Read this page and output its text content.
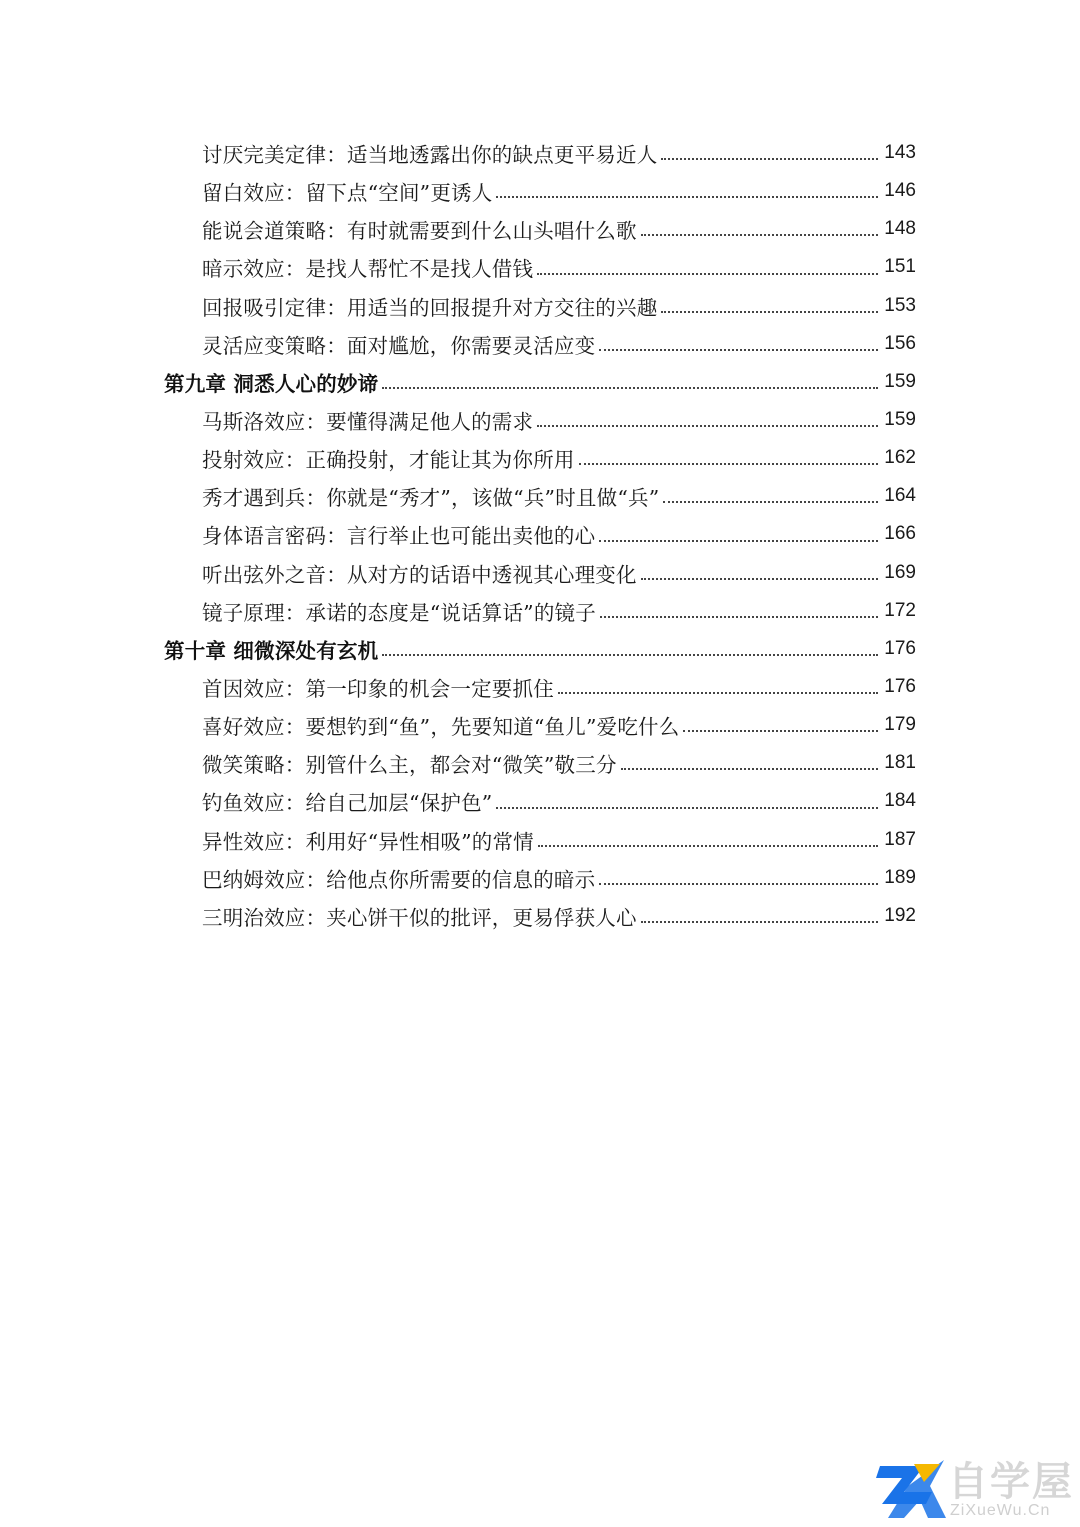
讨厌完美定律：适当地透露出你的缺点更平易近人	143
留白效应：留下点“空间”更诱人	146
能说会道策略：有时就需要到什么山头唱什么歌	148
暗示效应：是找人帮忙不是找人借钱	151
回报吸引定律：用适当的回报提升对方交往的兴趣	153
灵活应变策略：面对尴尬，你需要灵活应变	156
第九章 洞悉人心的妙谛	159
马斯洛效应：要懂得满足他人的需求	159
投射效应：正确投射，才能让其为你所用	162
秀才遇到兵：你就是“秀才”，该做“兵”时且做“兵”	164
身体语言密码：言行举止也可能出卖他的心	166
听出弦外之音：从对方的话语中透视其心理变化	169
镜子原理：承诺的态度是“说话算话”的镜子	172
第十章 细微深处有玄机	176
首因效应：第一印象的机会一定要抓住	176
喜好效应：要想钓到“鱼”，先要知道“鱼儿”爱吃什么	179
微笑策略：别管什么主，都会对“微笑”敬三分	181
钓鱼效应：给自己加层“保护色”	184
异性效应：利用好“异性相吸”的常情	187
巴纳姆效应：给他点你所需要的信息的暗示	189
三明治效应：夹心饼干似的批评，更易俘获人心	192
自学屋
ZiXueWu.Cn
